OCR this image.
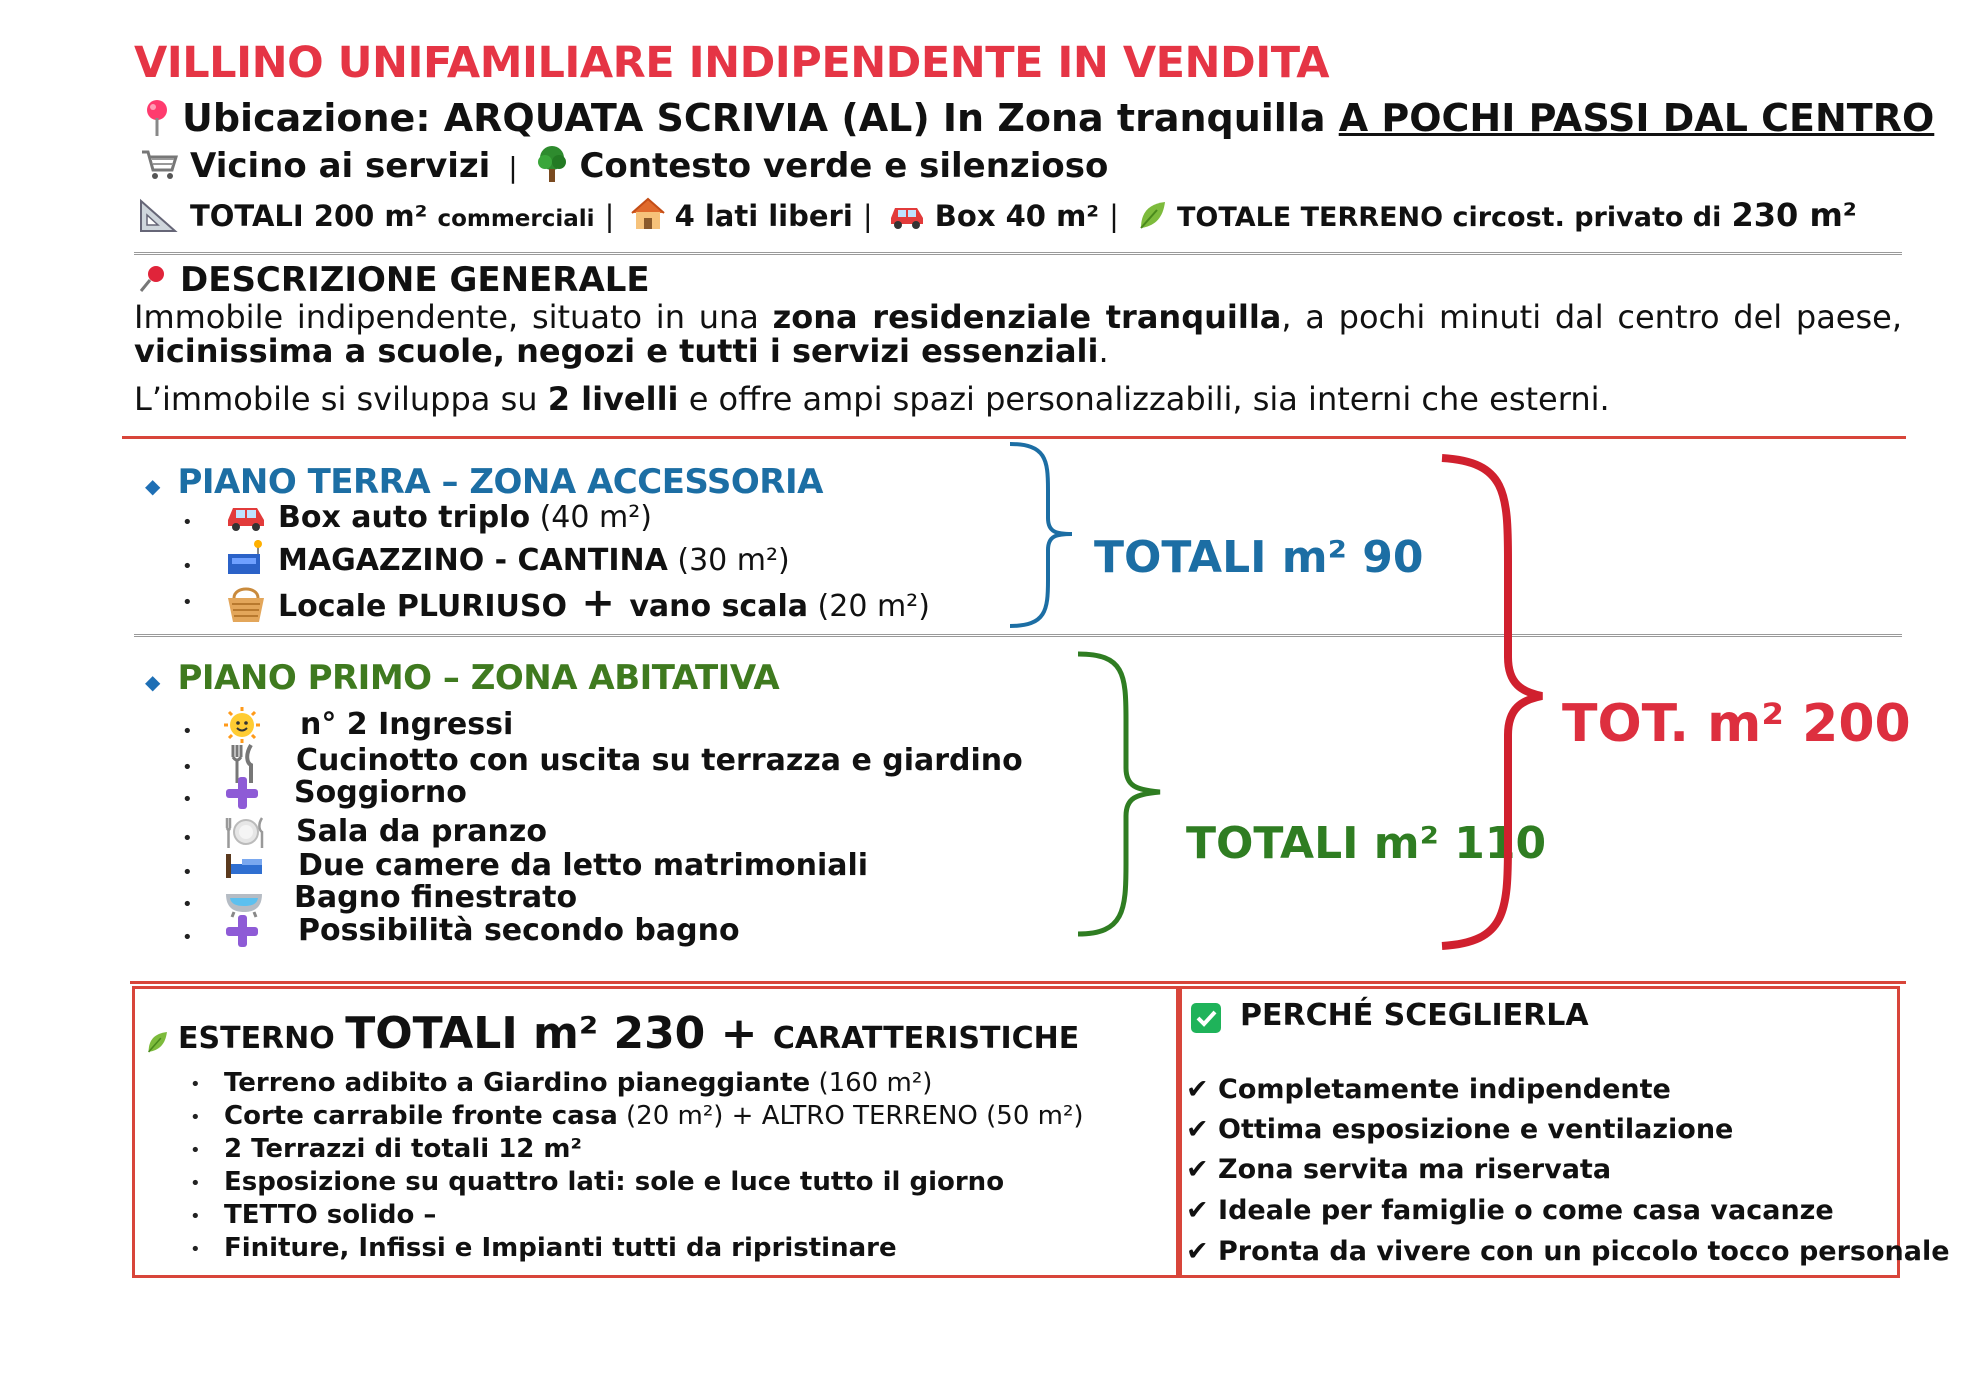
VILLINO UNIFAMILIARE INDIPENDENTE IN VENDITA
Ubicazione: ARQUATA SCRIVIA (AL) In Zona tranquilla A POCHI PASSI DAL CENTRO
Vicino ai servizi | Contesto verde e silenzioso
TOTALI 200 m² commerciali | 4 lati liberi | Box 40 m² | TOTALE TERRENO circost. privato di 230 m²
DESCRIZIONE GENERALE
Immobile indipendente, situato in una zona residenziale tranquilla, a pochi minuti dal centro del paese, vicinissima a scuole, negozi e tutti i servizi essenziali.
L’immobile si sviluppa su 2 livelli e offre ampi spazi personalizzabili, sia interni che esterni.
◆ PIANO TERRA – ZONA ACCESSORIA
•	Box auto triplo (40 m²)
•	MAGAZZINO - CANTINA (30 m²)
•	Locale PLURIUSO + vano scala (20 m²)
TOTALI m² 90
◆ PIANO PRIMO – ZONA ABITATIVA
•	n° 2 Ingressi
•	Cucinotto con uscita su terrazza e giardino
•	Soggiorno
•	Sala da pranzo
•	Due camere da letto matrimoniali
•	Bagno finestrato
•	Possibilità secondo bagno
TOTALI m² 110
TOT. m² 200
ESTERNO TOTALI m² 230 + CARATTERISTICHE
• Terreno adibito a Giardino pianeggiante (160 m²)
• Corte carrabile fronte casa (20 m²) + ALTRO TERRENO (50 m²)
• 2 Terrazzi di totali 12 m²
• Esposizione su quattro lati: sole e luce tutto il giorno
• TETTO solido –
• Finiture, Infissi e Impianti tutti da ripristinare
PERCHÉ SCEGLIERLA
✔ Completamente indipendente
✔ Ottima esposizione e ventilazione
✔ Zona servita ma riservata
✔ Ideale per famiglie o come casa vacanze
✔ Pronta da vivere con un piccolo tocco personale
